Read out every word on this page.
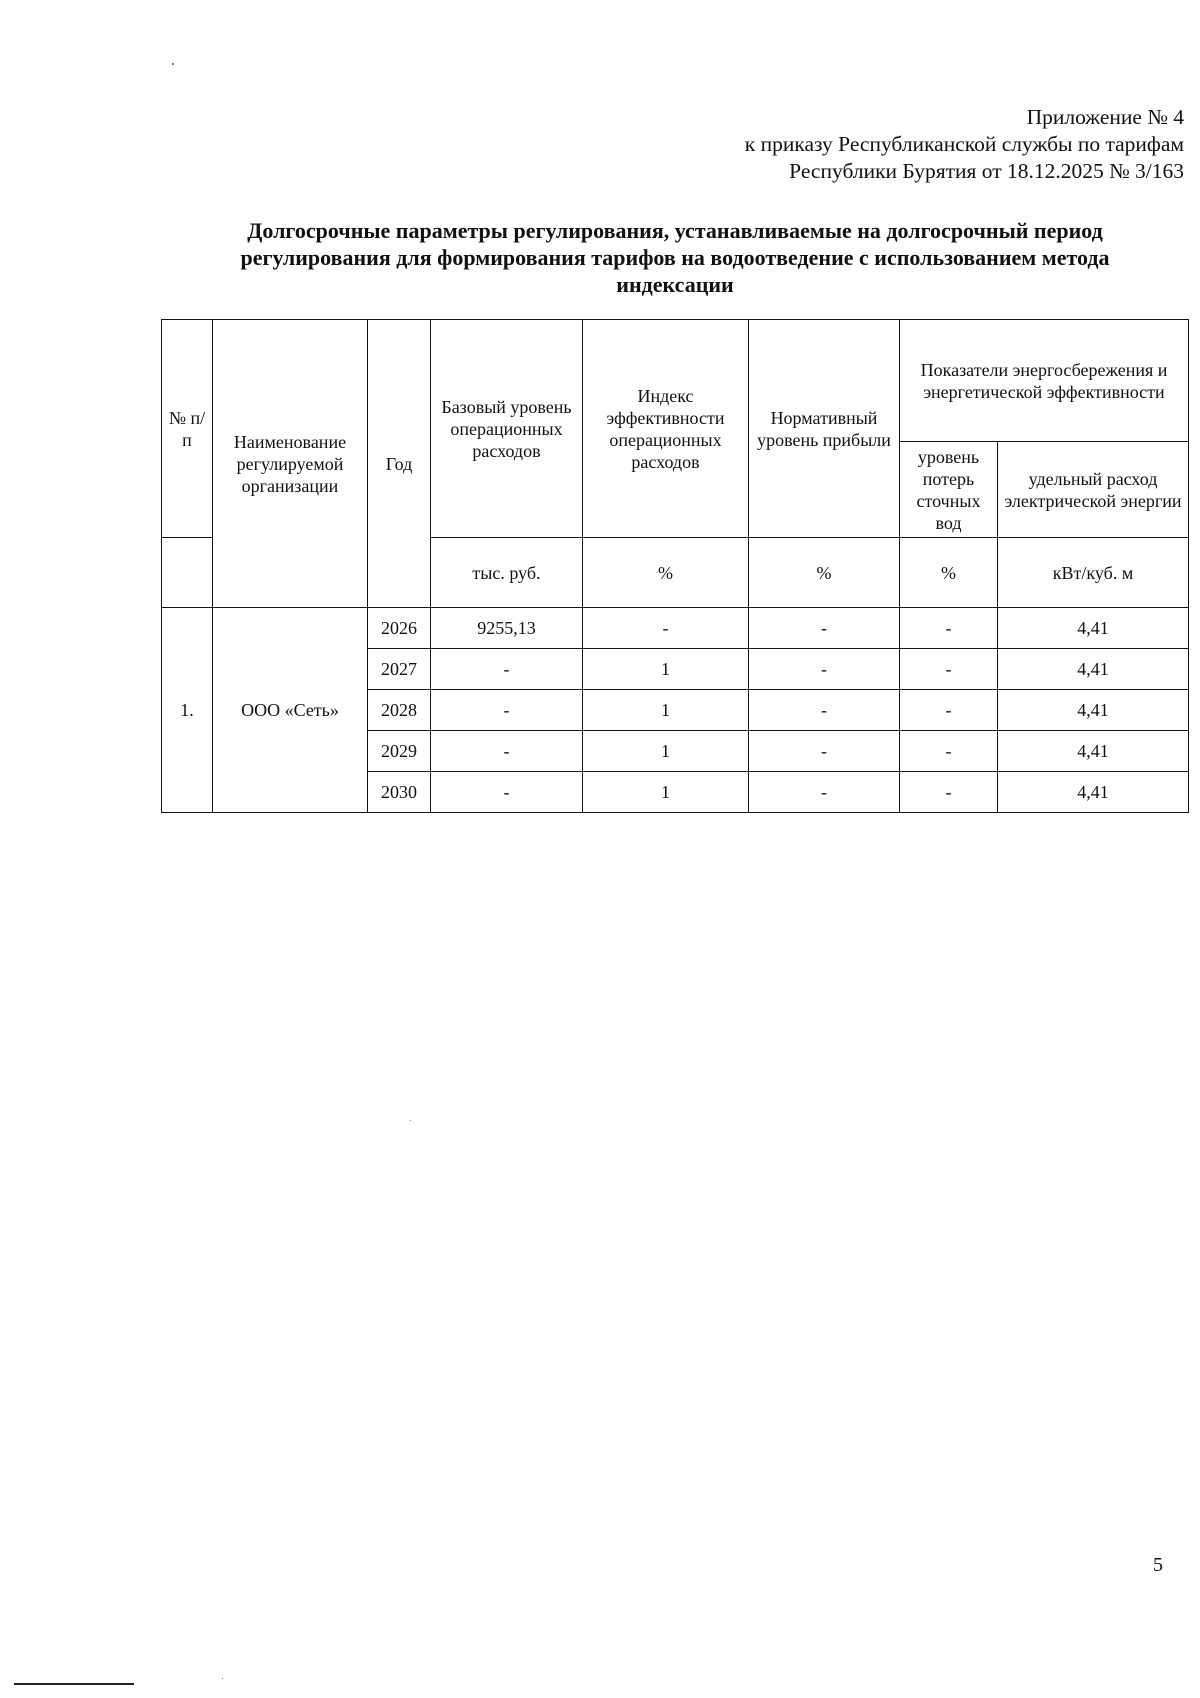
Приложение № 4
к приказу Республиканской службы по тарифам
Республики Бурятия от 18.12.2025 № 3/163
Долгосрочные параметры регулирования, устанавливаемые на долгосрочный период
регулирования для формирования тарифов на водоотведение с использованием метода
индексации
№ п/п	Наименование регулируемой организации	Год	Базовый уровень операционных расходов	Индекс эффективности операционных расходов	Нормативный уровень прибыли	Показатели энергосбережения и энергетической эффективности	
						уровень потерь сточных вод	удельный расход электрической энергии
			тыс. руб.	%	%	%	кВт/куб. м
1.	ООО «Сеть»	2026	9255,13	-	-	-	4,41
		2027	-	1	-	-	4,41
		2028	-	1	-	-	4,41
		2029	-	1	-	-	4,41
		2030	-	1	-	-	4,41
5
